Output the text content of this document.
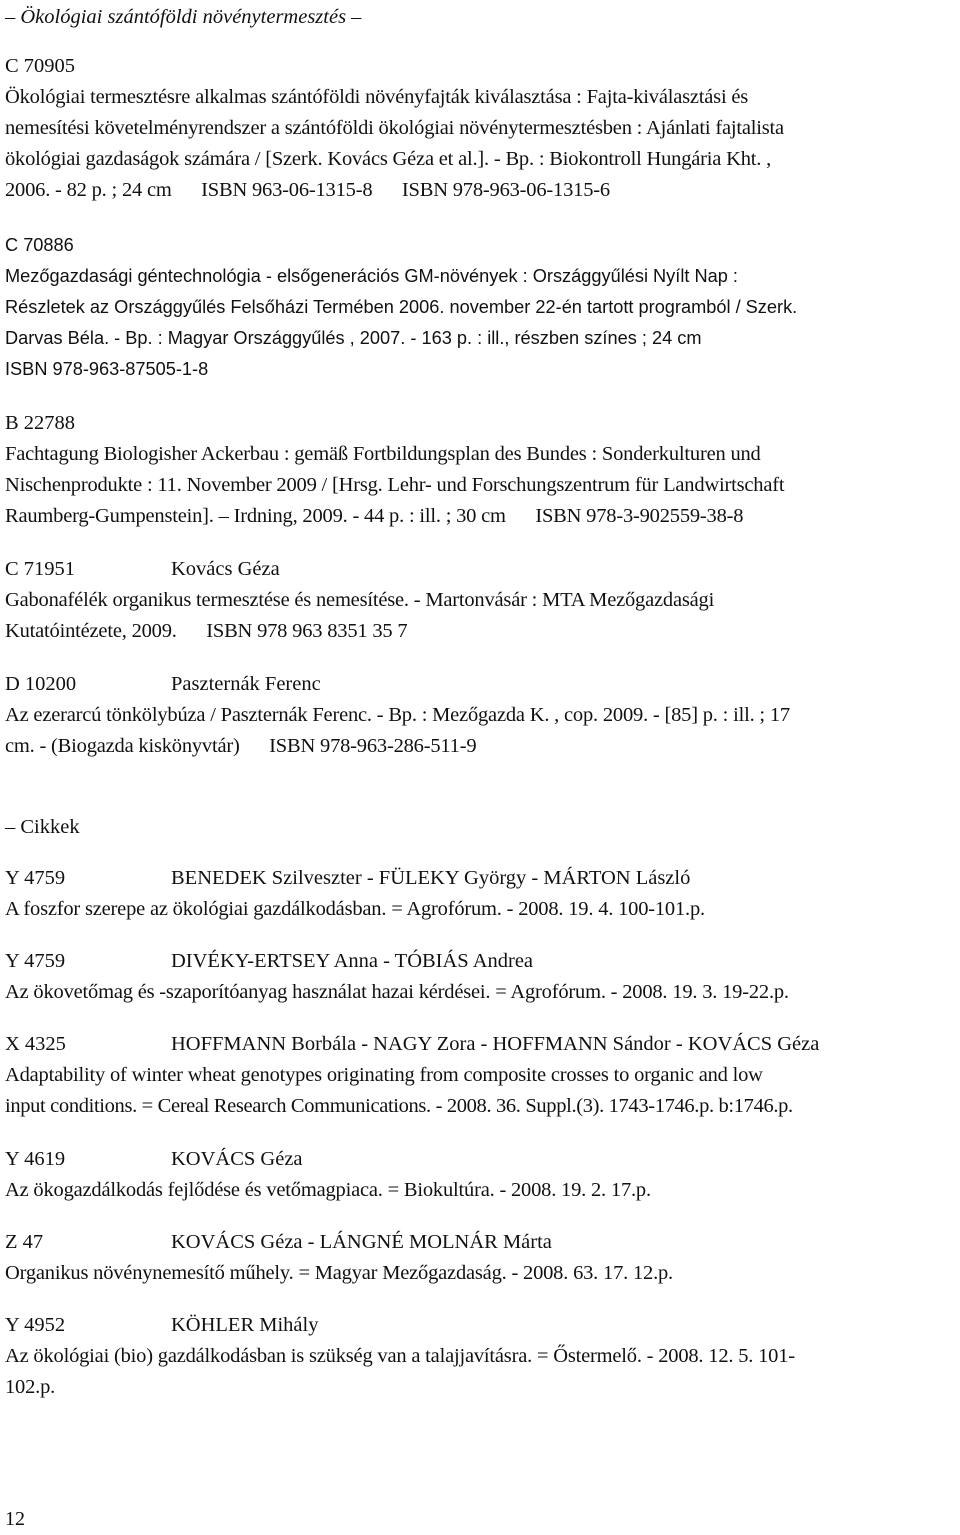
– Ökológiai szántóföldi növénytermesztés –
C 70905
Ökológiai termesztésre alkalmas szántóföldi növényfajták kiválasztása : Fajta-kiválasztási és
nemesítési követelményrendszer a szántóföldi ökológiai növénytermesztésben : Ajánlati fajtalista
ökológiai gazdaságok számára / [Szerk. Kovács Géza et al.]. - Bp. : Biokontroll Hungária Kht. ,
2006. - 82 p. ; 24 cm      ISBN 963-06-1315-8      ISBN 978-963-06-1315-6
C 70886
Mezőgazdasági géntechnológia - elsőgenerációs GM-növények : Országgyűlési Nyílt Nap :
Részletek az Országgyűlés Felsőházi Termében 2006. november 22-én tartott programból / Szerk.
Darvas Béla. - Bp. : Magyar Országgyűlés , 2007. - 163 p. : ill., részben színes ; 24 cm
ISBN 978-963-87505-1-8
B 22788
Fachtagung Biologisher Ackerbau : gemäß Fortbildungsplan des Bundes : Sonderkulturen und
Nischenprodukte : 11. November 2009 / [Hrsg. Lehr- und Forschungszentrum für Landwirtschaft
Raumberg-Gumpenstein]. – Irdning, 2009. - 44 p. : ill. ; 30 cm      ISBN 978-3-902559-38-8
C 71951	Kovács Géza
Gabonafélék organikus termesztése és nemesítése. - Martonvásár : MTA Mezőgazdasági
Kutatóintézete, 2009.      ISBN 978 963 8351 35 7
D 10200	Paszternák Ferenc
Az ezerarcú tönkölybúza / Paszternák Ferenc. - Bp. : Mezőgazda K. , cop. 2009. - [85] p. : ill. ; 17
cm. - (Biogazda kiskönyvtár)      ISBN 978-963-286-511-9
– Cikkek
Y 4759	BENEDEK Szilveszter - FÜLEKY György - MÁRTON László
A foszfor szerepe az ökológiai gazdálkodásban. = Agrofórum. - 2008. 19. 4. 100-101.p.
Y 4759	DIVÉKY-ERTSEY Anna - TÓBIÁS Andrea
Az ökovetőmag és -szaporítóanyag használat hazai kérdései. = Agrofórum. - 2008. 19. 3. 19-22.p.
X 4325	HOFFMANN Borbála - NAGY Zora - HOFFMANN Sándor - KOVÁCS Géza
Adaptability of winter wheat genotypes originating from composite crosses to organic and low
input conditions. = Cereal Research Communications. - 2008. 36. Suppl.(3). 1743-1746.p. b:1746.p.
Y 4619	KOVÁCS Géza
Az ökogazdálkodás fejlődése és vetőmagpiaca. = Biokultúra. - 2008. 19. 2. 17.p.
Z 47	KOVÁCS Géza - LÁNGNÉ MOLNÁR Márta
Organikus növénynemesítő műhely. = Magyar Mezőgazdaság. - 2008. 63. 17. 12.p.
Y 4952	KÖHLER Mihály
Az ökológiai (bio) gazdálkodásban is szükség van a talajjavításra. = Őstermelő. - 2008. 12. 5. 101-
102.p.
12
